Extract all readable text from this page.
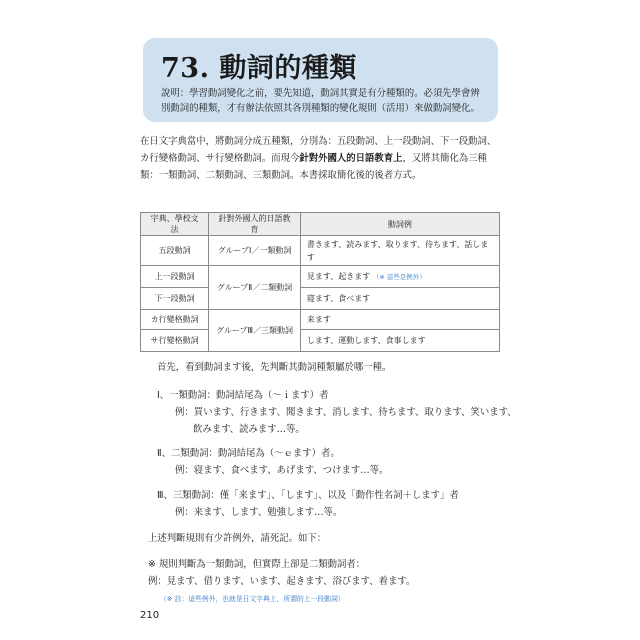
73. 動詞的種類
說明：學習動詞變化之前，要先知道，動詞其實是有分種類的。必須先學會辨別動詞的種類，才有辦法依照其各別種類的變化規則（活用）來做動詞變化。
在日文字典當中，將動詞分成五種類，分別為：五段動詞、上一段動詞、下一段動詞、カ行變格動詞、サ行變格動詞。而現今針對外國人的日語教育上，又將其簡化為三種類：一類動詞、二類動詞、三類動詞。本書採取簡化後的後者方式。
字典、學校文法	針對外國人的日語教育	動詞例
五段動詞	グループⅠ／一類動詞	書きます、読みます、取ります、待ちます、話します
上一段動詞	グループⅡ／二類動詞	見ます、起きます （※ 這些是例外）
下一段動詞		寝ます、食べます
カ行變格動詞	グループⅢ／三類動詞	来ます
サ行變格動詞		します、運動します、食事します
首先，看到動詞ます後，先判斷其動詞種類屬於哪一種。
Ⅰ、一類動詞：動詞結尾為（～ｉます）者
例：買います、行きます、聞きます、消します、待ちます、取ります、笑います、
飲みます、読みます…等。
Ⅱ、二類動詞：動詞結尾為（～ｅます）者。
例：寝ます、食べます、あげます、つけます…等。
Ⅲ、三類動詞：僅「来ます」、「します」、以及「動作性名詞＋します」者
例：来ます、します、勉強します…等。
上述判斷規則有少許例外，請死記。如下：
※ 規則判斷為一類動詞，但實際上卻是二類動詞者：
例：見ます、借ります、います、起きます、浴びます、着ます。
（※ 註：這些例外，也就是日文字典上，所謂的上一段動詞）
210
